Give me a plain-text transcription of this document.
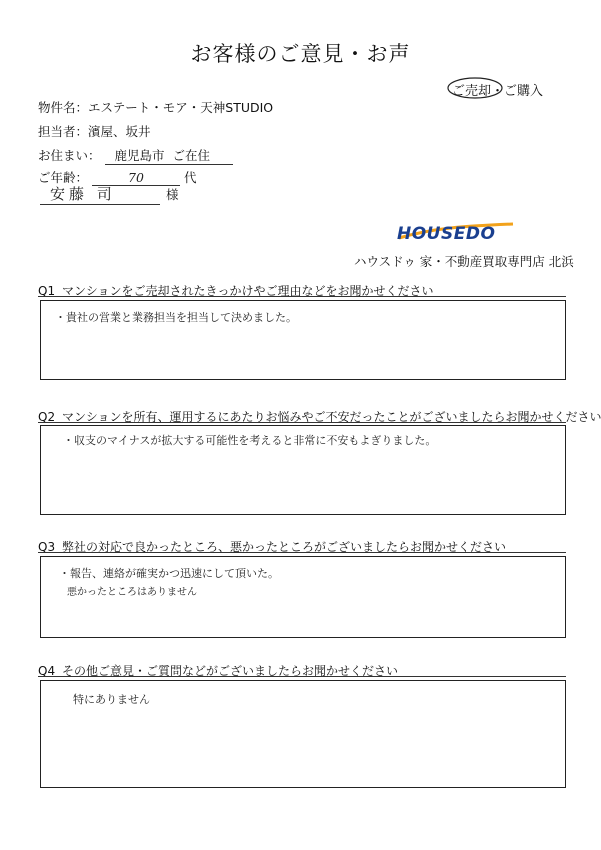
お客様のご意見・お声
ご売却・ご購入
物件名：エステート・モア・天神STUDIO
担当者：濱屋、坂井
お住まい： 鹿児島市 ご在住
ご年齢：	70	代
安藤 司	様
HOUSEDO
ハウスドゥ 家・不動産買取専門店 北浜
Q1 マンションをご売却されたきっかけやご理由などをお聞かせください
・貴社の営業と業務担当を担当して決めました。
Q2 マンションを所有、運用するにあたりお悩みやご不安だったことがございましたらお聞かせください
・収支のマイナスが拡大する可能性を考えると非常に不安もよぎりました。
Q3 弊社の対応で良かったところ、悪かったところがございましたらお聞かせください
・報告、連絡が確実かつ迅速にして頂いた。
悪かったところはありません
Q4 その他ご意見・ご質問などがございましたらお聞かせください
特にありません
